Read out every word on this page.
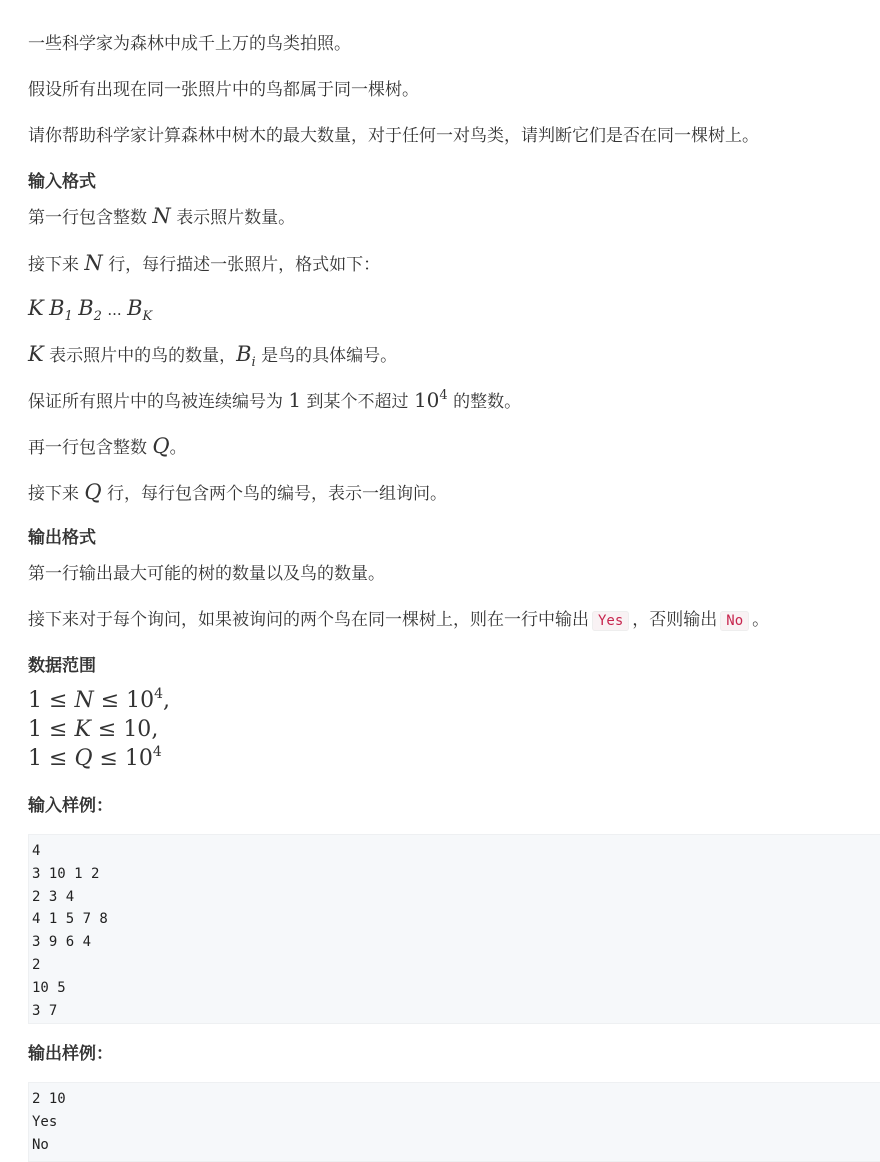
一些科学家为森林中成千上万的鸟类拍照。

假设所有出现在同一张照片中的鸟都属于同一棵树。

请你帮助科学家计算森林中树木的最大数量，对于任何一对鸟类，请判断它们是否在同一棵树上。

输入格式

第一行包含整数 N 表示照片数量。

接下来 N 行，每行描述一张照片，格式如下：

K $B_1$ $B_2$ ... $B_K$

K 表示照片中的鸟的数量，$B_i$ 是鸟的具体编号。

保证所有照片中的鸟被连续编号为 1 到某个不超过 $10^4$ 的整数。

再一行包含整数 Q。

接下来 Q 行，每行包含两个鸟的编号，表示一组询问。

输出格式

第一行输出最大可能的树的数量以及鸟的数量。

接下来对于每个询问，如果被询问的两个鸟在同一棵树上，则在一行中输出 Yes ，否则输出 No 。

数据范围

$1 \le N \le 10^4$,

1 ≤ K ≤ 10,

$1 \le Q \le 10^4$

输入样例：

4

3 10 1 2

2 3 4

4 1 5 7 8

3 9 6 4

2

10 5

3 7

输出样例：

2 10

Yes

No
